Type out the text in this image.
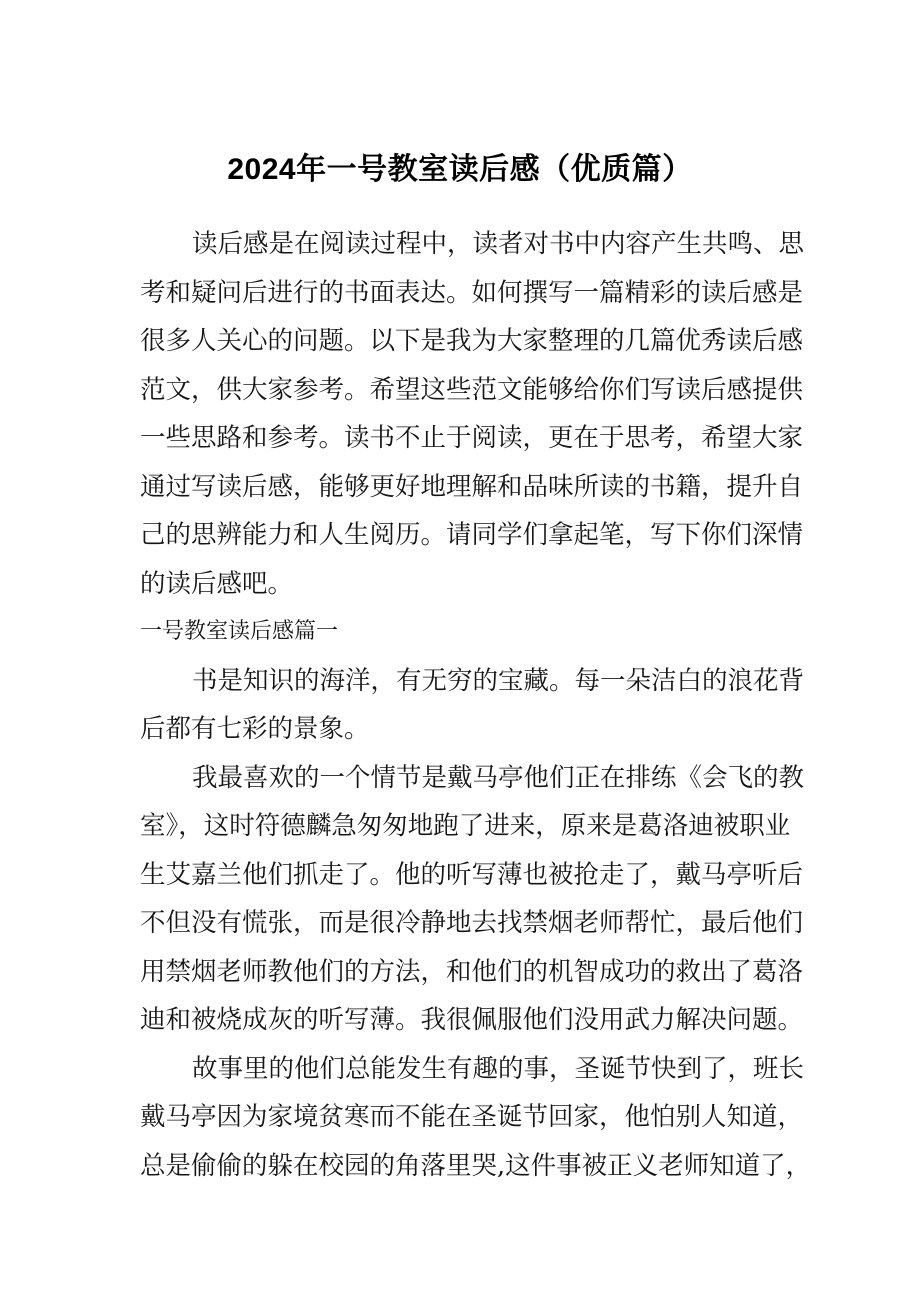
2024年一号教室读后感（优质篇）
读后感是在阅读过程中，读者对书中内容产生共鸣、思
考和疑问后进行的书面表达。如何撰写一篇精彩的读后感是
很多人关心的问题。以下是我为大家整理的几篇优秀读后感
范文，供大家参考。希望这些范文能够给你们写读后感提供
一些思路和参考。读书不止于阅读，更在于思考，希望大家
通过写读后感，能够更好地理解和品味所读的书籍，提升自
己的思辨能力和人生阅历。请同学们拿起笔，写下你们深情
的读后感吧。
一号教室读后感篇一
书是知识的海洋，有无穷的宝藏。每一朵洁白的浪花背
后都有七彩的景象。
我最喜欢的一个情节是戴马亭他们正在排练《会飞的教
室》，这时符德麟急匆匆地跑了进来，原来是葛洛迪被职业
生艾嘉兰他们抓走了。他的听写薄也被抢走了，戴马亭听后
不但没有慌张，而是很冷静地去找禁烟老师帮忙，最后他们
用禁烟老师教他们的方法，和他们的机智成功的救出了葛洛
迪和被烧成灰的听写薄。我很佩服他们没用武力解决问题。
故事里的他们总能发生有趣的事，圣诞节快到了，班长
戴马亭因为家境贫寒而不能在圣诞节回家，他怕别人知道，
总是偷偷的躲在校园的角落里哭,这件事被正义老师知道了，
